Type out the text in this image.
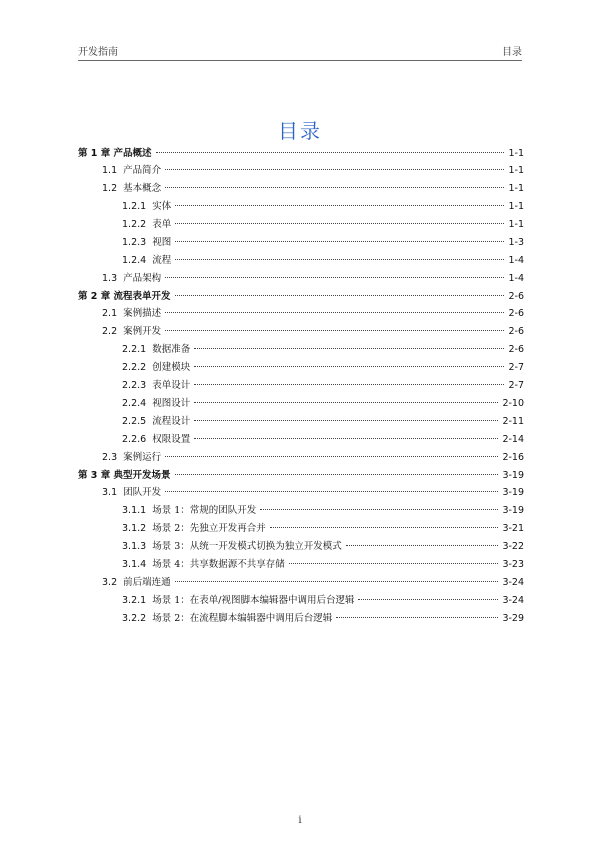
开发指南	目录
目录
第 1 章 产品概述	1-1
1.1 产品简介	1-1
1.2 基本概念	1-1
1.2.1 实体	1-1
1.2.2 表单	1-1
1.2.3 视图	1-3
1.2.4 流程	1-4
1.3 产品架构	1-4
第 2 章 流程表单开发	2-6
2.1 案例描述	2-6
2.2 案例开发	2-6
2.2.1 数据准备	2-6
2.2.2 创建模块	2-7
2.2.3 表单设计	2-7
2.2.4 视图设计	2-10
2.2.5 流程设计	2-11
2.2.6 权限设置	2-14
2.3 案例运行	2-16
第 3 章 典型开发场景	3-19
3.1 团队开发	3-19
3.1.1 场景 1：常规的团队开发	3-19
3.1.2 场景 2：先独立开发再合并	3-21
3.1.3 场景 3：从统一开发模式切换为独立开发模式	3-22
3.1.4 场景 4：共享数据源不共享存储	3-23
3.2 前后端连通	3-24
3.2.1 场景 1：在表单/视图脚本编辑器中调用后台逻辑	3-24
3.2.2 场景 2：在流程脚本编辑器中调用后台逻辑	3-29
i
